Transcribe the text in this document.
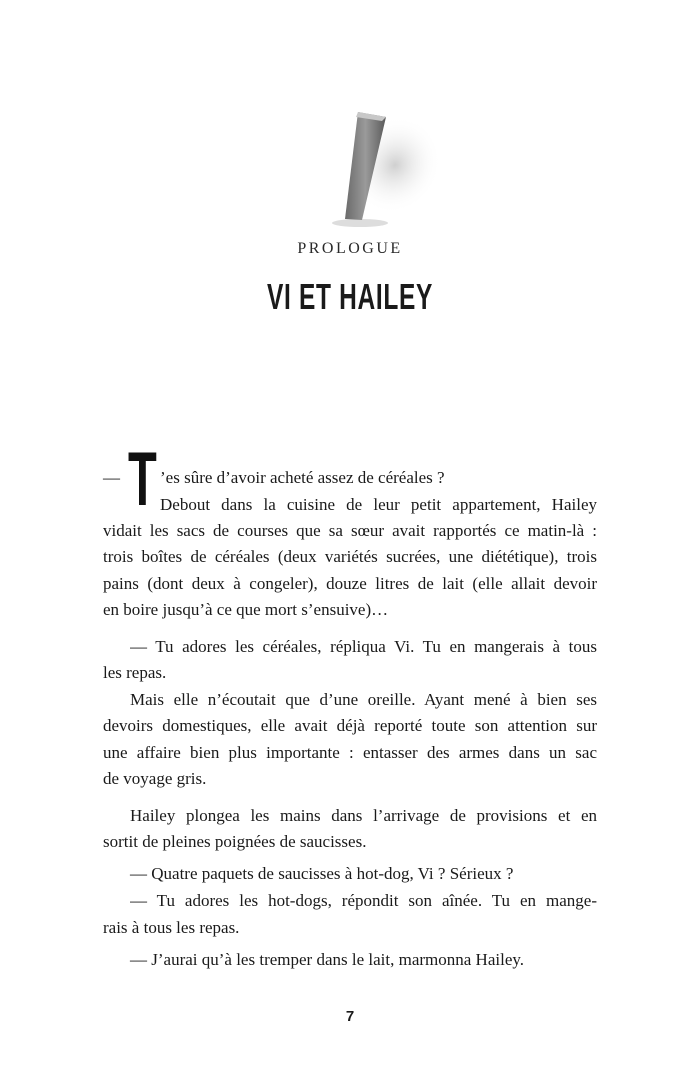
PROLOGUE
VI ET HAILEY
— T ’es sûre d’avoir acheté assez de céréales ?
Debout dans la cuisine de leur petit appartement, Hailey
vidait les sacs de courses que sa sœur avait rapportés ce matin-là :
trois boîtes de céréales (deux variétés sucrées, une diététique), trois
pains (dont deux à congeler), douze litres de lait (elle allait devoir
en boire jusqu’à ce que mort s’ensuive)…
— Tu adores les céréales, répliqua Vi. Tu en mangerais à tous
les repas.
Mais elle n’écoutait que d’une oreille. Ayant mené à bien ses
devoirs domestiques, elle avait déjà reporté toute son attention sur
une affaire bien plus importante : entasser des armes dans un sac
de voyage gris.
Hailey plongea les mains dans l’arrivage de provisions et en
sortit de pleines poignées de saucisses.
— Quatre paquets de saucisses à hot-dog, Vi ? Sérieux ?
— Tu adores les hot-dogs, répondit son aînée. Tu en mange-
rais à tous les repas.
— J’aurai qu’à les tremper dans le lait, marmonna Hailey.
7
